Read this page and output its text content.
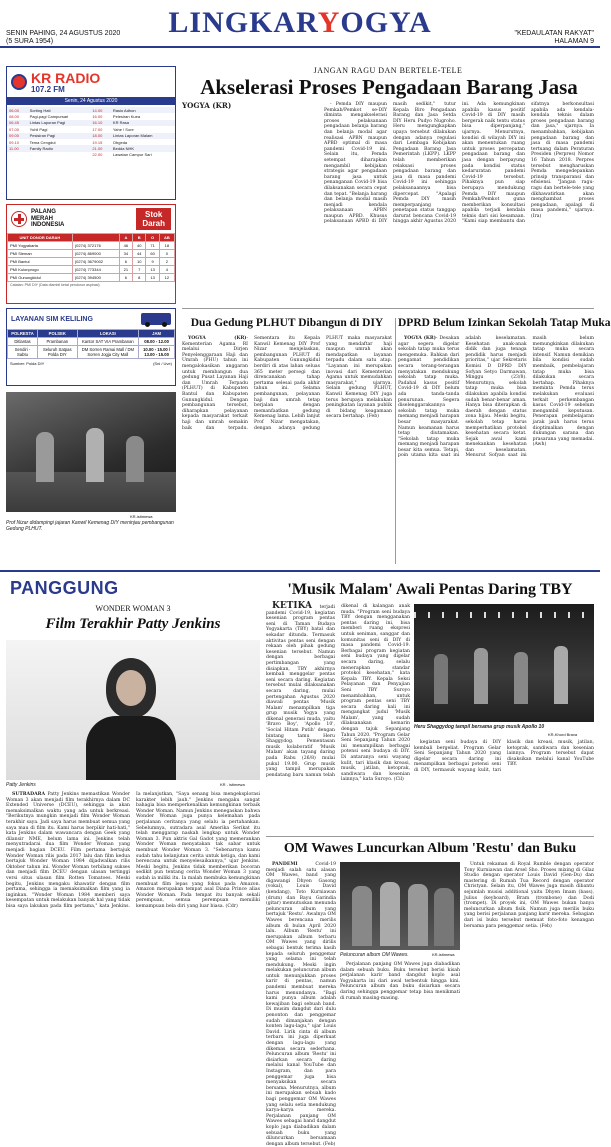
SENIN PAHING, 24 AGUSTUS 2020
(5 SURA 1954)
LINGKARYOGYA	"KEDAULATAN RAKYAT"
HALAMAN 9
KR RADIO
107.2 FM
Senin, 24 Agustus 2020
06.00	Sorting Hati	14.00	Rasio Adhon
08.00	Pagi-pagi Campursari	16.00	Pelesiran Kuea
06.45	Lintas Laporan Pagi	16.10	KR Rasa
07.00	Yuhil Pagi	17.00	Yahe ! Sore
09.00	Pesisiran Pagi	18.00	Lintas Laporan Malam
09.10	Tema Cengdut	19.15	Obgeda
11.00	Family Radio	21.00	Bedda NHK
		22.00	Lawatan Campur Sari
PALANG
MERAH
INDONESIA
Stok
Darah
UNIT DONOR DARAH		A	B	O	AB
PMI Yogyakarta	(0274) 372176	46	40	71	18
PMI Sleman	(0274) 869000	34	44	60	0
PMI Bantul	(0274) 3679002	6	10	9	2
PMI Kulonprogo	(0274) 773344	21	7	13	4
PMI Gunungkidul	(0274) 394500	6	8	13	12
Catatan: PMI DIY (Data diambil ketat pendonor aspirasi)
LAYANAN SIM KELILING
POLRESTA	POLSEK	LOKASI	JAM
Ditlantas	Prambanan	Kantor SAT VIA Prambanan	08.00 - 12.00
Sendiri - Sabtu	Seluruh Satpas Polda DIY	DM Sorren Ramai Mall / DM Sorren Jogja City Mall	10.00 - 15.00 / 13.00 - 15.00
Sumber: Polda DIY	(Sni / Uve)
JANGAN RAGU DAN BERTELE-TELE
Akselerasi Proses Pengadaan Barang Jasa
YOGYA (KR)	- Pemda DIY maupun Pemkab/Pemkot se-DIY diminta mengakselerasi proses pelaksanaan pengadaan belanja barang dan belanja modal agar realisasi APBN maupun APBD optimal di masa pandemi Covid-19 ini. Selain itu, Pemda setempat diharapkan mengambil kebijakan strategis agar pengadaan barang jasa untuk penanganan Covid-19 bisa dilaksanakan secara cepat dan tepat. "Belanja barang dan belanja modal masih menjadi kendala pelaksanaan APBN maupun APBD. Khusus pelaksanaan APBD di DIY masih sedikit," tutur Kepala Biro Pengadaan Barang dan Jasa Setda DIY Heru Pudyo Nugroho. Heru mengungkapkan upaya tersebut dilakukan dengan adanya regulasi dari Lembaga Kebijakan Pengadaan Barang Jasa Pemerintah (LKPP). LKPP telah memberikan relaksasi proses pengadaan barang dan jasa di masa pandemi Covid-19 ini sehingga pelaksanaannya bisa dipercepat. "Apalagi Pemda DIY masih memperpanjang penetapan status tanggap darurat bencana Covid-19 hingga akhir Agustus 2020 ini. Ada kemungkinan apabila kasus positif Covid-19 di DIY masih bergerak naik tentu status bisa diperpanjang," ujarnya. Menurutnya, kondisi di wilayah DIY ini akan menentukan ruang untuk proses percepatan pengadaan barang dan jasa dengan berpayung pada kondisi status kedaruratan pandemi Covid-19 tersebut. Pihaknya pun siap berupaya mendukung Pemda DIY maupun Pemkab/Pemkot guna memberikan konsultasi apabila terjadi kendala teknis dari sisi kesamaan. "Kami siap membantu dan sifatnya berkonsultasi apabila ada kendala-kendala teknis dalam proses pengadaan barang dan jasa," ujarnya. Ia menambahkan, kebijakan pengadaan barang dan jasa di masa pandemi tertuang dalam Peraturan Presiden (Perpres) Nomor 16 Tahun 2018. Perpres tersebut mengharuskan Pemda mengedepankan prinsip transparansi dan efisiensi. "Jangan ragu-ragu dan bertele-tele yang dikhawatirkan akan menghambat proses pengadaan, apalagi di masa pandemi," ujarnya. (Ira)

Dua Gedung PLHUT Dibangun di DIY

YOGYA (KR)- Kementerian Agama RI melalui Dirjen Penyelenggaraan Haji dan Umrah (PHU) tahun ini mengalokasikan anggaran untuk membangun dua gedung Pusat Layanan Haji dan Umrah Terpadu (PLHUT) di Kabupaten Bantul dan Kabupaten Gunungkidul. Dengan pembangunan tersebut, diharapkan pelayanan kepada masyarakat terkait haji dan umrah semakin baik dan terpadu. Sementara itu Kepala Kanwil Kemenag DIY Prof Nizar menjelaskan, pembangunan PLHUT di Kabupaten Gunungkidul berdiri di atas lahan seluas 365 meter persegi dan direncanakan tahap pertama selesai pada akhir tahun ini. Selama pembangunan, pelayanan haji dan umrah tetap berjalan dengan memanfaatkan gedung Kemenag lama. Lebih lanjut Prof Nizar mengatakan, dengan adanya gedung PLHUT maka masyarakat yang mendaftar haji maupun umrah akan mendapatkan layanan terpadu dalam satu atap. "Layanan ini merupakan inovasi dari Kementerian Agama untuk memudahkan masyarakat," ujarnya. Selain gedung PLHUT, Kanwil Kemenag DIY juga terus berupaya melakukan peningkatan layanan publik di bidang keagamaan secara bertahap. (Feb)

DPRD Belum Izinkan Sekolah Tatap Muka

YOGYA (KR)- Desakan agar segera digelar sekolah tatap muka terus mengemuka. Bahkan dari pengamat pendidikan secara terang-terangan menyatakan mendukung sekolah tatap muka. Padahal kasus positif Covid-19 di DIY belum ada tanda-tanda penurunan. Segera diselenggarakannya sekolah tatap muka memang menjadi harapan besar masyarakat. Namun keamanan harus tetap diutamakan. "Sekolah tatap muka memang menjadi harapan besar kita semua. Tetapi, poin utama kita saat ini adalah keselamatan. Kesehatan anak-anak didik dan juga tenaga pendidik harus menjadi prioritas," ujar Sekretaris Komisi D DPRD DIY Sofyan Setyo Darmawan, Minggu (23/8). Menurutnya, sekolah tatap muka bisa dilakukan apabila kondisi sudah benar-benar aman. Hanya bisa diterapkan di daerah dengan status zona hijau. Meski begitu, sekolah tetap harus memperhatikan protokol kesehatan secara ketat. Sejak awal kami menekankan kesehatan dan keselamatan. Menurut Sofyan saat ini masih belum memungkinkan dilakukan tatap muka secara intensif. Namun demikian bila kondisi sudah membaik, pembelajaran tatap muka bisa dilakukan secara bertahap. Pihaknya meminta Pemda terus melakukan evaluasi terkait perkembangan kasus Covid-19 sebelum mengambil keputusan. Penerapan pembelajaran jarak jauh harus terus dioptimalkan dengan dukungan sarana dan prasarana yang memadai. (Awh)

KR-istimewa
Prof Nizar didampingi jajaran Kanwil Kemenag DIY meninjau pembangunan Gedung PLHUT.
PANGGUNG
WONDER WOMAN 3
Film Terakhir Patty Jenkins
Patty Jenkins	KR - istimewa

SUTRADARA Patty Jenkins memastikan Wonder Woman 3 akan menjadi film terakhirnya dalam DC Extended Universe (DCEU), sehingga ia akan memaksimalkan waktu yang ada untuk berkreasi. "Berikutnya mungkin menjadi film Wonder Woman terakhir saya. Jadi saya harus membuat semua yang saya mau di film itu. Kami harus berpikir hati-hati," kata Jenkins dalam wawancara dengan Geek yang dilansir NME, belum lama ini. Jenkins telah menyutradarai dua film Wonder Woman yang menjadi bagian DCEU. Film pertama bertajuk Wonder Woman rilis pada 2017 lalu dan film kedua bertajuk Wonder Woman 1984 dijadwalkan rilis Oktober tahun ini. Wonder Woman terbilang sukses dan menjadi film DCEU dengan ulasan tertinggi versi situs ulasan film Rotten Tomatoes. Meski begitu, Jenkins mengaku khawatir dengan film pertama, sehingga ia memaksimalkan film yang ia inginkan. "Wonder Woman 1984 memberi saya kesempatan untuk melakukan banyak hal yang tidak bisa saya lakukan pada film pertama," kata Jenkins. Ia melanjutkan, "Saya senang bisa mengeksplorasi karakter lebih jauh." Jenkins mengaku sangat bahagia bisa memperkenalkan kemungkinan terbaik Wonder Woman. Namun Jenkins menegaskan bahwa Wonder Woman juga punya kelemahan pada perjalanan ceritanya yang selalu ia pertahankan. Sebelumnya, sutradara asal Amerika Serikat itu telah menggarap naskah lengkap untuk Wonder Woman 3. Pun aktris Gal Gadot yang memerankan Wonder Woman menyatakan tak sabar untuk membuat Wonder Woman 3. "Sebenarnya kamu sudah tahu kelanjutan cerita untuk ketiga, dan kami berencana untuk menyelesaikannya," ujar Jenkins. Meski begitu, Jenkins tidak memberikan bocoran sedikit pun tentang cerita Wonder Woman 3 yang sudah ia miliki itu. Ia malah membuka kemungkinan membuat film lepas yang fokus pada Amazon. Amazon merupakan tempat asal Diana Prince alias Wonder Woman. Pada tempat itu banyak sekali perempuan, semua perempuan memiliki kemampuan bela diri yang luar biasa. (Cdr)

'Musik Malam' Awali Pentas Daring TBY

KETIKA terjadi pandemi Covid-19, kegiatan kesenian program pentas seni di Taman Budaya Yogyakarta (TBY) batal dan sekadar ditunda. Termasuk aktivitas pentas seni dengan rekaan oleh pihak gedung kesenian tersebut. Namun dengan berbagai pertimbangan yang disiapkan, TBY akhirnya kembali menggelar pentas seni secara daring. Kegiatan tersebut mulai dilaksanakan secara daring, mulai pertengahan Agustus 2020 diawali pentas 'Musik Malam' menampilkan tiga grup musik Yogya yang dikenal generasi muda, yaitu 'Bravo Boy', 'Apollo 10', 'Social Hitam Putih' dengan bintang tamu Heru Shaggydog. Pementasan musik kolaboratif 'Musik Malam' akan tayang daring pada Rabu (26/8) mulai pukul 19.00. Grup musik yang tampil merupakan pendatang baru namun telah dikenal di kalangan anak muda. "Program seni budaya TBY dengan mengganakan pentas daring ini, bisa memberi ruang ekspresi untuk seniman, sanggar dan komunitas seni di DIY di masa pandemi Covid-19. Berbagai program kegiatan seni budaya yang digelar secara daring, selalu menerapkan standar protokol kesehatan," kata Kepala TBY. Kepala Seksi Pelayanan dan Penyajian Seni TBY Suroyo menambahkan, untuk program pentas seni TBY secara daring kali ini mengangkat judul 'Musik Malam', yang sudah dilaksanakan kemarin dengan tajuk Sepanjang Tahun 2020. "Program Gelar Seni Sepanjang Tahun 2020 ini menampilkan berbagai potensi seni budaya di DIY. Di antaranya seni wayang kulit, tari klasik dan kreasi, musik, jatilan, ketoprak, sandiwara dan kesenian lainnya," kata Suroyo. (Cil)

Heru Shaggydog tampil bersama grup musik Apollo 10
KR-Khord Brava

kegiatan seni budaya di DIY kembali bergeliat. Program Gelar Seni Sepanjang Tahun 2020 yang digelar secara daring ini menampilkan berbagai potensi seni di DIY, termasuk wayang kulit, tari klasik dan kreasi, musik, jatilan, ketoprak, sandiwara dan kesenian lainnya. Program tersebut dapat disaksikan melalui kanal YouTube TBY.

OM Wawes Luncurkan Album 'Restu' dan Buku

PANDEMI	Covid-19 menjadi salah satu alasan OM Wawes, band yang digawangi Dhyen Gasong (vokal), Louis David (kendang), Toto Kurniawan (drum) dan Bayu Garindia (gitar) memutuskan menunda peluncuran album yang bertajuk 'Restu'. Awalnya OM Wawes berencana merilis album di bulan April 2020 lalu. Album 'Restu' ini merupakan album terbaru OM Wawes yang dirilis sebagai bentuk terima kasih kepada seluruh penggemar yang selama ini telah mendukung. Meski ingin melakukan peluncuran album untuk menunjukkan proses karir di pentas, namun pandemi membuat mereka harus menundanya. "Bagi kami punya album adalah kewajiban bagi sebuah band. Di musim dangdut dari dulu penonton dan penggemar sudah dimanjakan dengan konten lagu-lagu," ujar Louis David. Lirik cinta di album terbaru ini juga diperkuat dengan lagu-lagu yang dikemas secara sederhana. Peluncuran album 'Restu' ini disiarkan secara daring melalui kanal YouTube dan Instagram, dan para penggemar juga bisa menyaksikan secara bersama. Menurutnya, album ini merupakan sebuah kado bagi penggemar OM Wawes yang selalu setia mendukung karya-karya mereka. Perjalanan panjang OM Wawes sebagai band dangdut koplo juga diabadikan dalam sebuah buku yang diluncurkan bersamaan dengan album tersebut. (Feb)

Peluncuran album OM Wawes.	KR-istimewa

Perjalanan panjang OM Wawes juga diabadikan dalam sebuah buku. Buku tersebut berisi kisah perjalanan karir band dangdut koplo asal Yogyakarta ini dari awal terbentuk hingga kini. Peluncuran album dan buku disiarkan secara daring sehingga penggemar tetap bisa menikmati di rumah masing-masing.

Untuk rekaman di Royal Rumble dengan operator Tony Kurniawan dan Arsel Sho. Proses mixing di Gilaz Studio dengan operator Louis David (Gen-Du) dan mastering di Rumah Tua Record dengan operator Christyan. Selain itu, OM Wawes juga masih dibantu sejumlah musisi additional yaitu Dhyen Imam (bass), Julius (keyboard), Bram (trombone) dan Dodi (trompet). Di proyek ini, OM Wawes bukan hanya meluncurkan album fisik. Namun juga merilis buku yang berisi perjalanan panjang karir mereka. Sebagian dari isi buku tersebut memuat foto-foto kenangan bersama para penggemar setia. (Feb)
